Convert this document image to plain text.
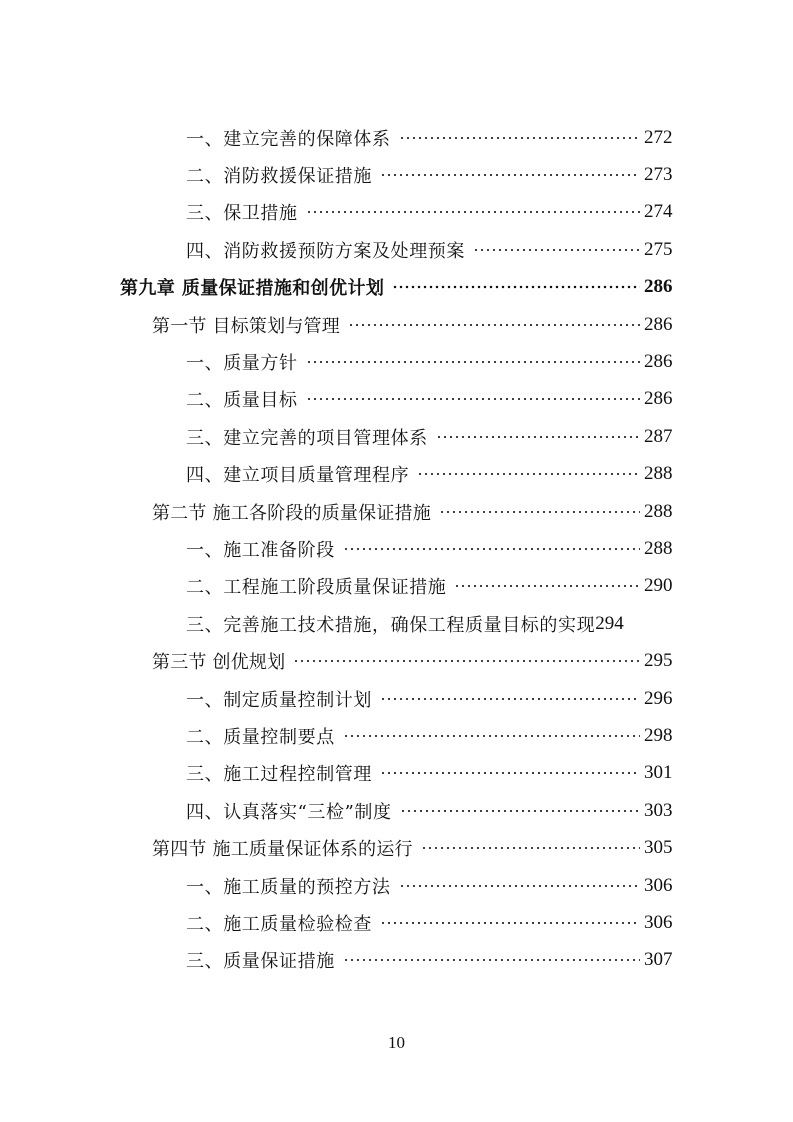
一、建立完善的保障体系	272
二、消防救援保证措施	273
三、保卫措施	274
四、消防救援预防方案及处理预案	275
第九章 质量保证措施和创优计划	286
第一节 目标策划与管理	286
一、质量方针	286
二、质量目标	286
三、建立完善的项目管理体系	287
四、建立项目质量管理程序	288
第二节 施工各阶段的质量保证措施	288
一、施工准备阶段	288
二、工程施工阶段质量保证措施	290
三、完善施工技术措施，确保工程质量目标的实现 294
第三节 创优规划	295
一、制定质量控制计划	296
二、质量控制要点	298
三、施工过程控制管理	301
四、认真落实“三检”制度	303
第四节 施工质量保证体系的运行	305
一、施工质量的预控方法	306
二、施工质量检验检查	306
三、质量保证措施	307
10
